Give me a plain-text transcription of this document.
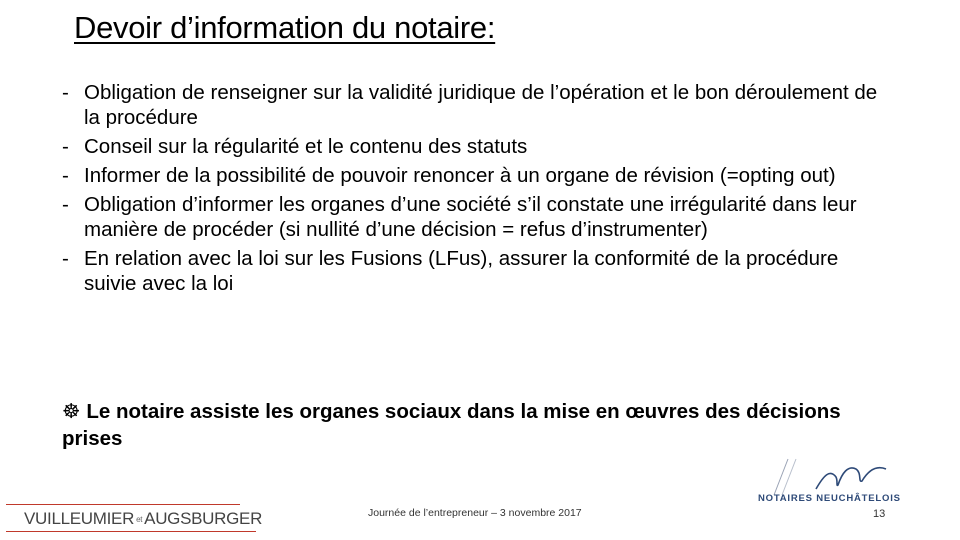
Devoir d’information du notaire:
- Obligation de renseigner sur la validité juridique de l’opération et le bon déroulement de la procédure
- Conseil sur la régularité et le contenu des statuts
- Informer de la possibilité de pouvoir renoncer à un organe de révision (=opting out)
- Obligation d’informer les organes d’une société s’il constate une irrégularité dans leur manière de procéder (si nullité d’une décision = refus d’instrumenter)
- En relation avec la loi sur les Fusions (LFus), assurer la conformité de la procédure suivie avec la loi
☸ Le notaire assiste les organes sociaux dans la mise en œuvres des décisions prises
VUILLEUMIER et AUGSBURGER	Journée de l’entrepreneur – 3 novembre 2017
NOTAIRES NEUCHÂTELOIS
13
